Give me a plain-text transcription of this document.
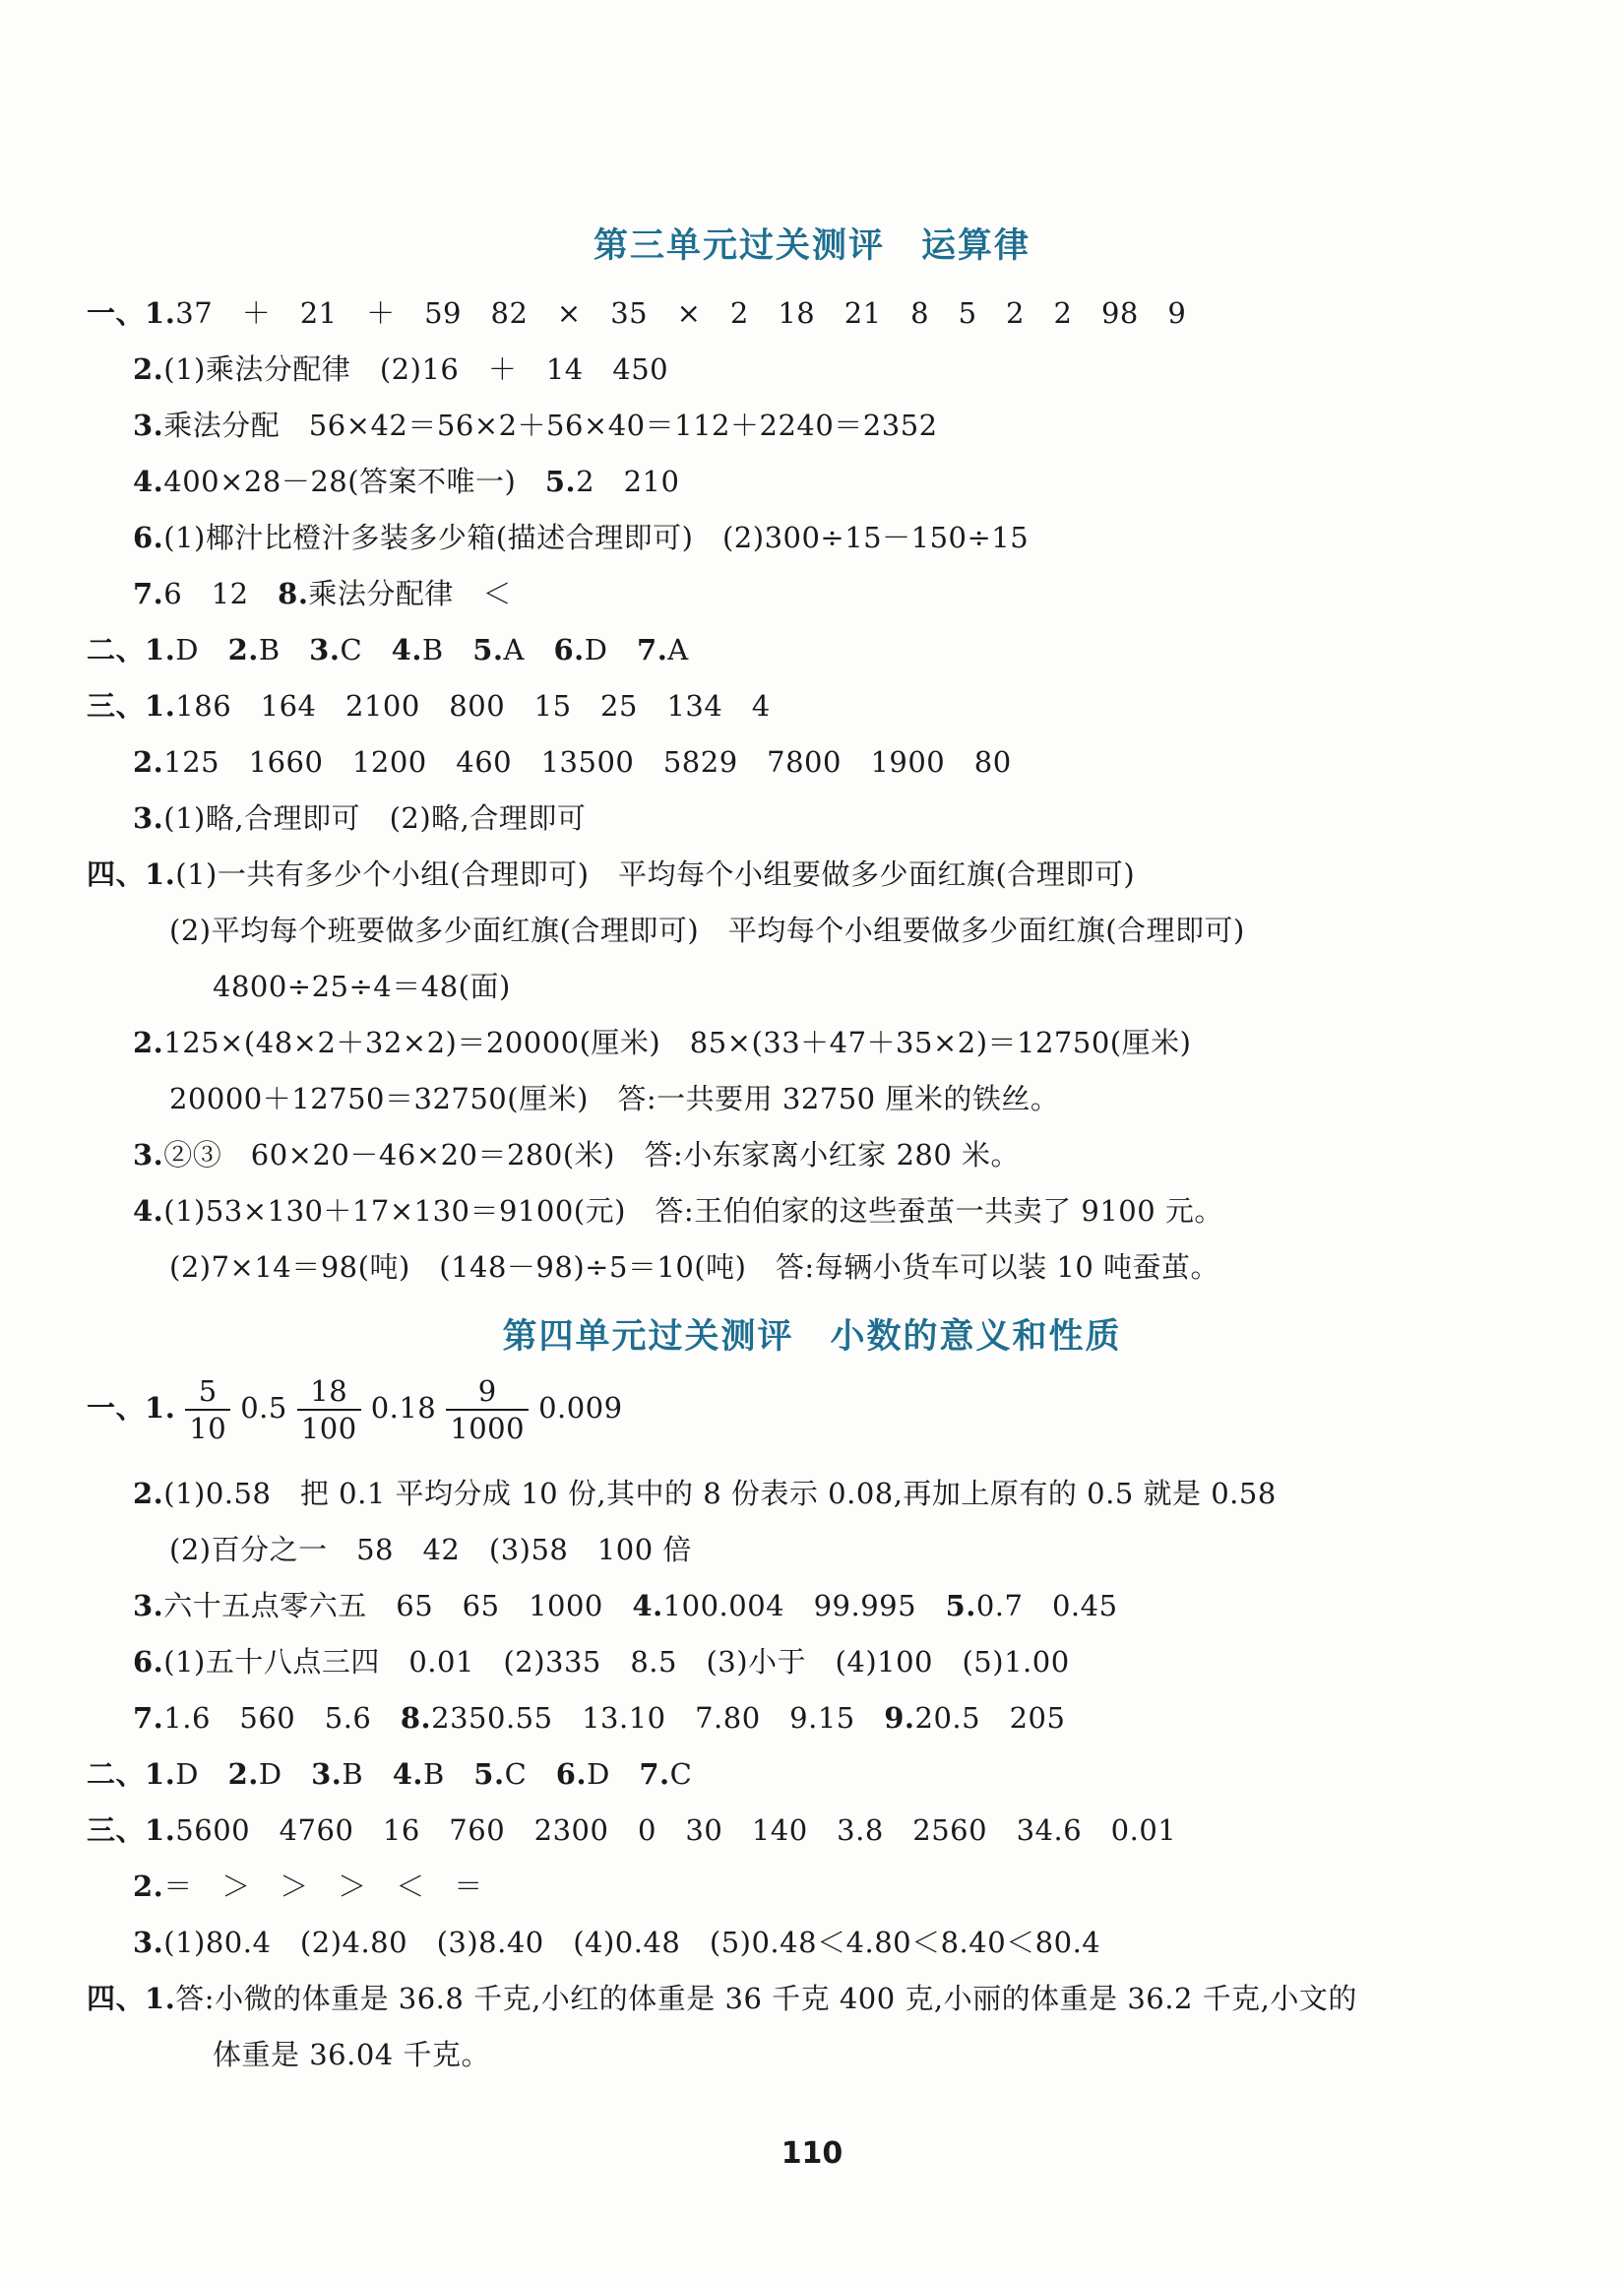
第三单元过关测评　运算律
一、1.37　＋　21　＋　59　82　×　35　×　2　18　21　8　5　2　2　98　9
2.(1)乘法分配律　(2)16　＋　14　450
3.乘法分配　56×42＝56×2＋56×40＝112＋2240＝2352
4.400×28－28(答案不唯一)　5.2　210
6.(1)椰汁比橙汁多装多少箱(描述合理即可)　(2)300÷15－150÷15
7.6　12　8.乘法分配律　＜
二、1.D　2.B　3.C　4.B　5.A　6.D　7.A
三、1.186　164　2100　800　15　25　134　4
2.125　1660　1200　460　13500　5829　7800　1900　80
3.(1)略,合理即可　(2)略,合理即可
四、1.(1)一共有多少个小组(合理即可)　平均每个小组要做多少面红旗(合理即可)
(2)平均每个班要做多少面红旗(合理即可)　平均每个小组要做多少面红旗(合理即可)
4800÷25÷4＝48(面)
2.125×(48×2＋32×2)＝20000(厘米)　85×(33＋47＋35×2)＝12750(厘米)
20000＋12750＝32750(厘米)　答:一共要用 32750 厘米的铁丝。
3.②③　60×20－46×20＝280(米)　答:小东家离小红家 280 米。
4.(1)53×130＋17×130＝9100(元)　答:王伯伯家的这些蚕茧一共卖了 9100 元。
(2)7×14＝98(吨)　(148－98)÷5＝10(吨)　答:每辆小货车可以装 10 吨蚕茧。
第四单元过关测评　小数的意义和性质
一、1. $\frac{5}{10} 0.5 \frac{18}{100} 0.18 \frac{9}{1000} 0.009$
2.(1)0.58　把 0.1 平均分成 10 份,其中的 8 份表示 0.08,再加上原有的 0.5 就是 0.58
(2)百分之一　58　42　(3)58　100 倍
3.六十五点零六五　65　65　1000　4.100.004　99.995　5.0.7　0.45
6.(1)五十八点三四　0.01　(2)335　8.5　(3)小于　(4)100　(5)1.00
7.1.6　560　5.6　8.2350.55　13.10　7.80　9.15　9.20.5　205
二、1.D　2.D　3.B　4.B　5.C　6.D　7.C
三、1.5600　4760　16　760　2300　0　30　140　3.8　2560　34.6　0.01
2.＝　＞　＞　＞　＜　＝
3.(1)80.4　(2)4.80　(3)8.40　(4)0.48　(5)0.48＜4.80＜8.40＜80.4
四、1.答:小微的体重是 36.8 千克,小红的体重是 36 千克 400 克,小丽的体重是 36.2 千克,小文的
体重是 36.04 千克。
110
